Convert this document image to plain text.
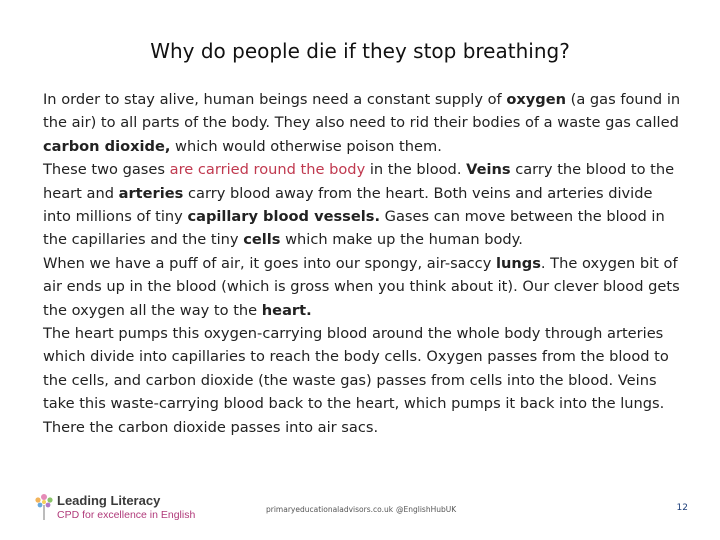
Why do people die if they stop breathing?

In order to stay alive, human beings need a constant supply of oxygen (a gas found in the air) to all parts of the body. They also need to rid their bodies of a waste gas called carbon dioxide, which would otherwise poison them.

These two gases are carried round the body in the blood. Veins carry the blood to the heart and arteries carry blood away from the heart. Both veins and arteries divide into millions of tiny capillary blood vessels. Gases can move between the blood in the capillaries and the tiny cells which make up the human body.

When we have a puff of air, it goes into our spongy, air-saccy lungs. The oxygen bit of air ends up in the blood (which is gross when you think about it). Our clever blood gets the oxygen all the way to the heart.

The heart pumps this oxygen-carrying blood around the whole body through arteries which divide into capillaries to reach the body cells. Oxygen passes from the blood to the cells, and carbon dioxide (the waste gas) passes from cells into the blood. Veins take this waste-carrying blood back to the heart, which pumps it back into the lungs. There the carbon dioxide passes into air sacs.

Leading Literacy
CPD for excellence in English	primaryeducationaladvisors.co.uk @EnglishHubUK	12
